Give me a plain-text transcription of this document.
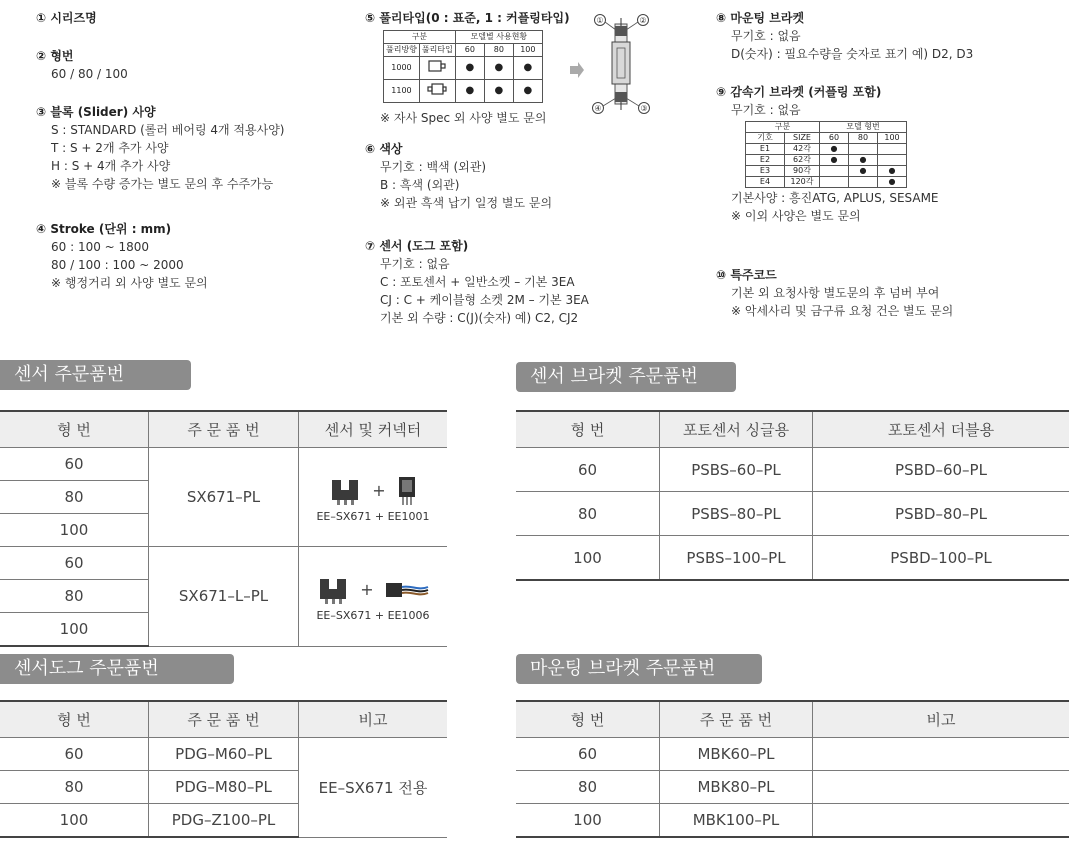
① 시리즈명
② 형번
60 / 80 / 100
③ 블록 (Slider) 사양
S : STANDARD (롤러 베어링 4개 적용사양)
T : S + 2개 추가 사양
H : S + 4개 추가 사양
※ 블록 수량 증가는 별도 문의 후 수주가능
④ Stroke (단위 : mm)
60 : 100 ~ 1800
80 / 100 : 100 ~ 2000
※ 행정거리 외 사양 별도 문의
⑤ 풀리타입(0 : 표준, 1 : 커플링타입)
구분		모델별 사용현황		
풀리방향	풀리타입	60	80	100
1000		●	●	●
1100		●	●	●
※ 자사 Spec 외 사양 별도 문의
①	②
③
④
⑥ 색상
무기호 : 백색 (외관)
B : 흑색 (외관)
※ 외관 흑색 납기 일정 별도 문의
⑦ 센서 (도그 포함)
무기호 : 없음
C : 포토센서 + 일반소켓 – 기본 3EA
CJ : C + 케이블형 소켓 2M – 기본 3EA
기본 외 수량 : C(J)(숫자) 예) C2, CJ2
⑧ 마운팅 브라켓
무기호 : 없음
D(숫자) : 필요수량을 숫자로 표기 예) D2, D3
⑨ 감속기 브라켓 (커플링 포함)
무기호 : 없음
구분		모델 형번		
기호	SIZE	60	80	100
E1	42각	●		
E2	62각	●	●	
E3	90각		●	●
E4	120각			●
기본사양 : 흥진ATG, APLUS, SESAME
※ 이외 사양은 별도 문의
⑩ 특주코드
기본 외 요청사항 별도문의 후 넘버 부여
※ 악세사리 및 금구류 요청 건은 별도 문의
센서 주문품번	센서 브라켓 주문품번
센서도그 주문품번	마운팅 브라켓 주문품번
형 번	주 문 품 번	센서 및 커넥터
60	SX671–PL	+
EE–SX671 + EE1001

80		
100		
60	SX671–L–PL	+
EE–SX671 + EE1006

80		
100		
형 번	포토센서 싱글용	포토센서 더블용
60	PSBS–60–PL	PSBD–60–PL
80	PSBS–80–PL	PSBD–80–PL
100	PSBS–100–PL	PSBD–100–PL
형 번	주 문 품 번	비고
60	PDG–M60–PL	EE–SX671 전용
80	PDG–M80–PL	
100	PDG–Z100–PL	
형 번	주 문 품 번	비고
60	MBK60–PL	
80	MBK80–PL	
100	MBK100–PL	
